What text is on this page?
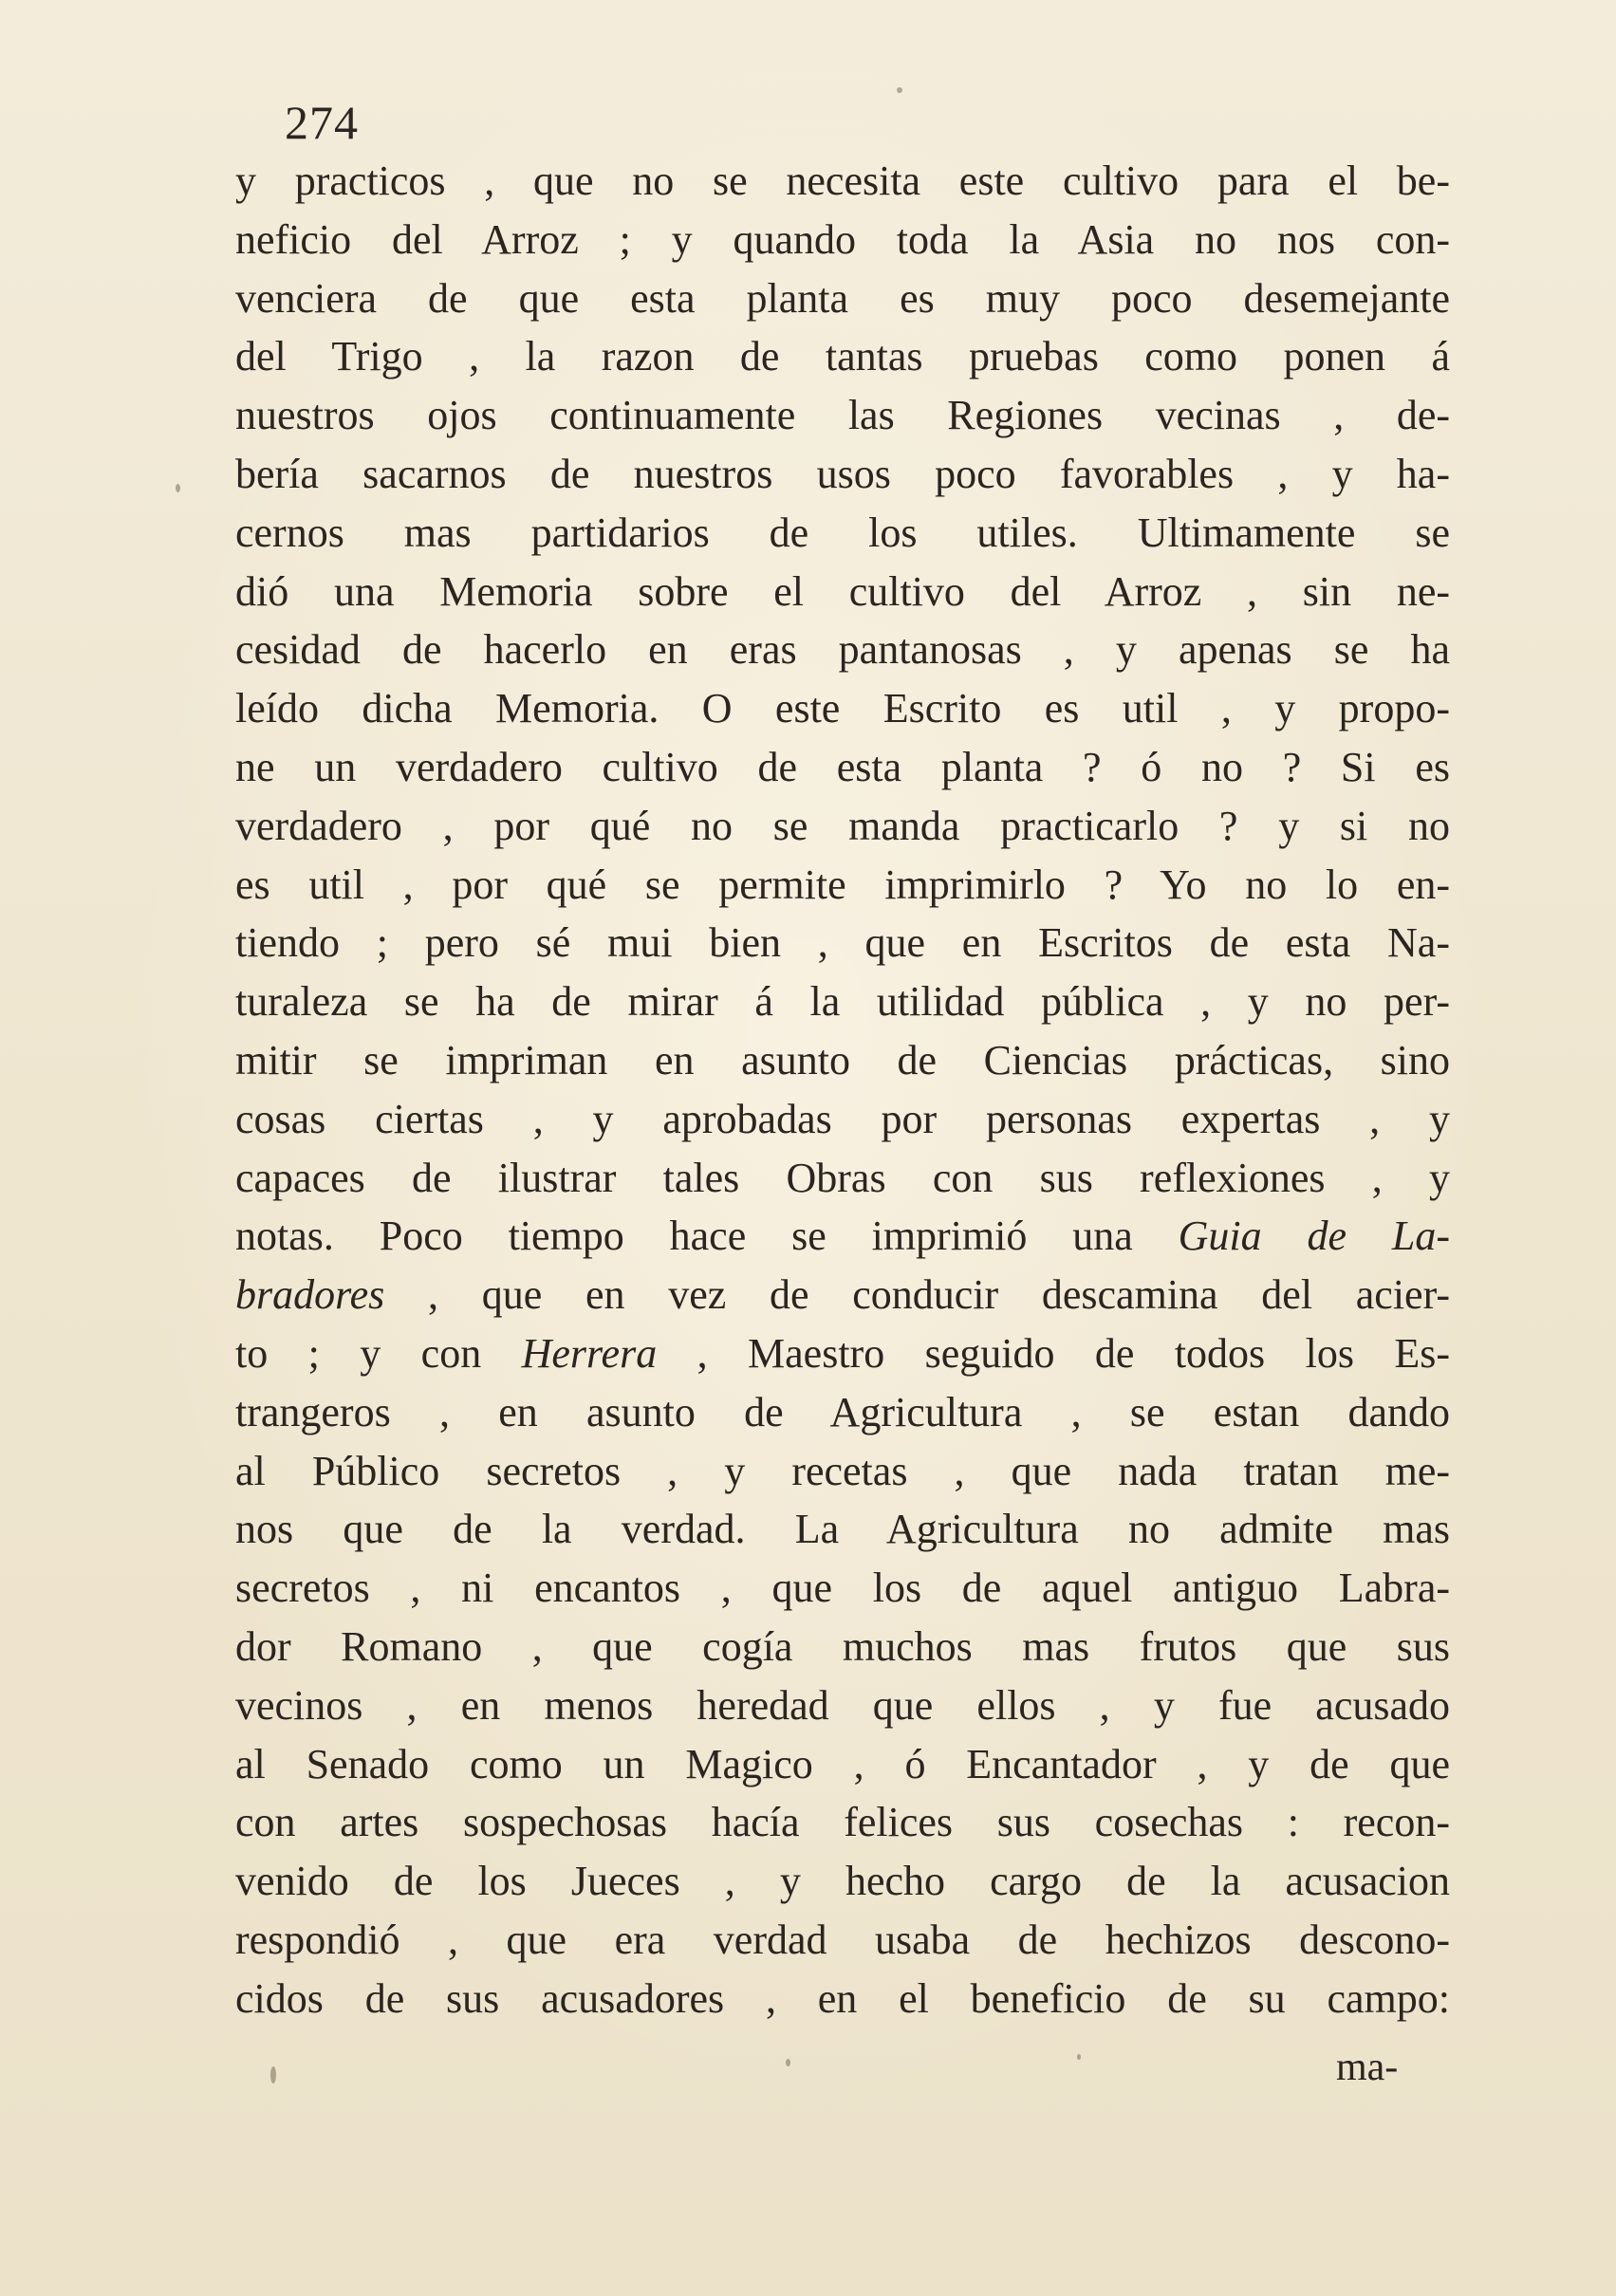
274
y practicos , que no se necesita este cultivo para el be-
neficio del Arroz ; y quando toda la Asia no nos con-
venciera de que esta planta es muy poco desemejante
del Trigo , la razon de tantas pruebas como ponen á
nuestros ojos continuamente las Regiones vecinas , de-
bería sacarnos de nuestros usos poco favorables , y ha-
cernos mas partidarios de los utiles. Ultimamente se
dió una Memoria sobre el cultivo del Arroz , sin ne-
cesidad de hacerlo en eras pantanosas , y apenas se ha
leído dicha Memoria. O este Escrito es util , y propo-
ne un verdadero cultivo de esta planta ? ó no ? Si es
verdadero , por qué no se manda practicarlo ? y si no
es util , por qué se permite imprimirlo ? Yo no lo en-
tiendo ; pero sé mui bien , que en Escritos de esta Na-
turaleza se ha de mirar á la utilidad pública , y no per-
mitir se impriman en asunto de Ciencias prácticas, sino
cosas ciertas , y aprobadas por personas expertas , y
capaces de ilustrar tales Obras con sus reflexiones , y
notas. Poco tiempo hace se imprimió una Guia de La-
bradores , que en vez de conducir descamina del acier-
to ; y con Herrera , Maestro seguido de todos los Es-
trangeros , en asunto de Agricultura , se estan dando
al Público secretos , y recetas , que nada tratan me-
nos que de la verdad. La Agricultura no admite mas
secretos , ni encantos , que los de aquel antiguo Labra-
dor Romano , que cogía muchos mas frutos que sus
vecinos , en menos heredad que ellos , y fue acusado
al Senado como un Magico , ó Encantador , y de que
con artes sospechosas hacía felices sus cosechas : recon-
venido de los Jueces , y hecho cargo de la acusacion
respondió , que era verdad usaba de hechizos descono-
cidos de sus acusadores , en el beneficio de su campo:
ma-
